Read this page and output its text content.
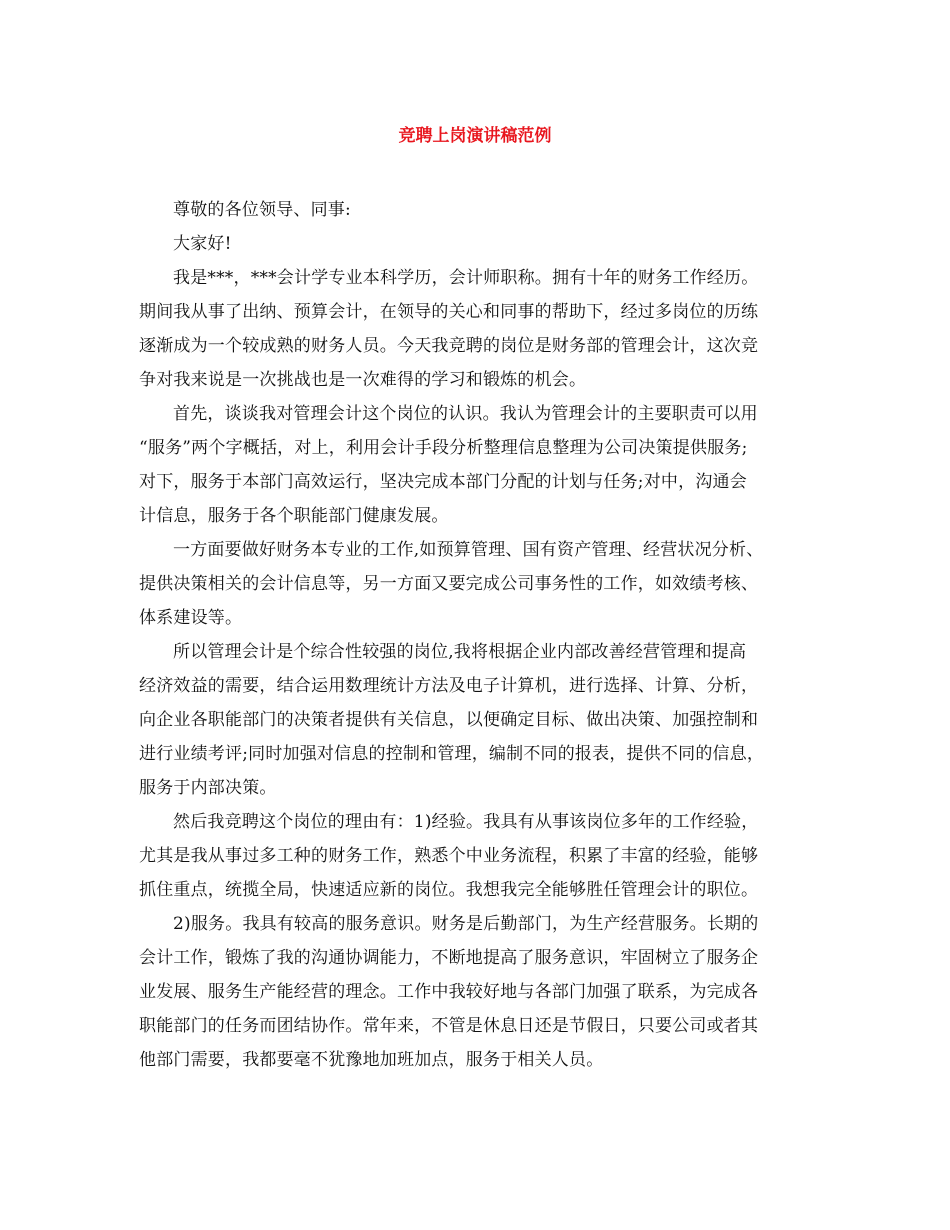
竞聘上岗演讲稿范例
尊敬的各位领导、同事:
大家好!
我是***，***会计学专业本科学历，会计师职称。拥有十年的财务工作经历。
期间我从事了出纳、预算会计，在领导的关心和同事的帮助下，经过多岗位的历练
逐渐成为一个较成熟的财务人员。今天我竞聘的岗位是财务部的管理会计，这次竞
争对我来说是一次挑战也是一次难得的学习和锻炼的机会。
首先，谈谈我对管理会计这个岗位的认识。我认为管理会计的主要职责可以用
“服务”两个字概括，对上，利用会计手段分析整理信息整理为公司决策提供服务;
对下，服务于本部门高效运行，坚决完成本部门分配的计划与任务;对中，沟通会
计信息，服务于各个职能部门健康发展。
一方面要做好财务本专业的工作,如预算管理、国有资产管理、经营状况分析、
提供决策相关的会计信息等，另一方面又要完成公司事务性的工作，如效绩考核、
体系建设等。
所以管理会计是个综合性较强的岗位,我将根据企业内部改善经营管理和提高
经济效益的需要，结合运用数理统计方法及电子计算机，进行选择、计算、分析，
向企业各职能部门的决策者提供有关信息，以便确定目标、做出决策、加强控制和
进行业绩考评;同时加强对信息的控制和管理，编制不同的报表，提供不同的信息，
服务于内部决策。
然后我竞聘这个岗位的理由有：1)经验。我具有从事该岗位多年的工作经验，
尤其是我从事过多工种的财务工作，熟悉个中业务流程，积累了丰富的经验，能够
抓住重点，统揽全局，快速适应新的岗位。我想我完全能够胜任管理会计的职位。
2)服务。我具有较高的服务意识。财务是后勤部门，为生产经营服务。长期的
会计工作，锻炼了我的沟通协调能力，不断地提高了服务意识，牢固树立了服务企
业发展、服务生产能经营的理念。工作中我较好地与各部门加强了联系，为完成各
职能部门的任务而团结协作。常年来，不管是休息日还是节假日，只要公司或者其
他部门需要，我都要毫不犹豫地加班加点，服务于相关人员。
